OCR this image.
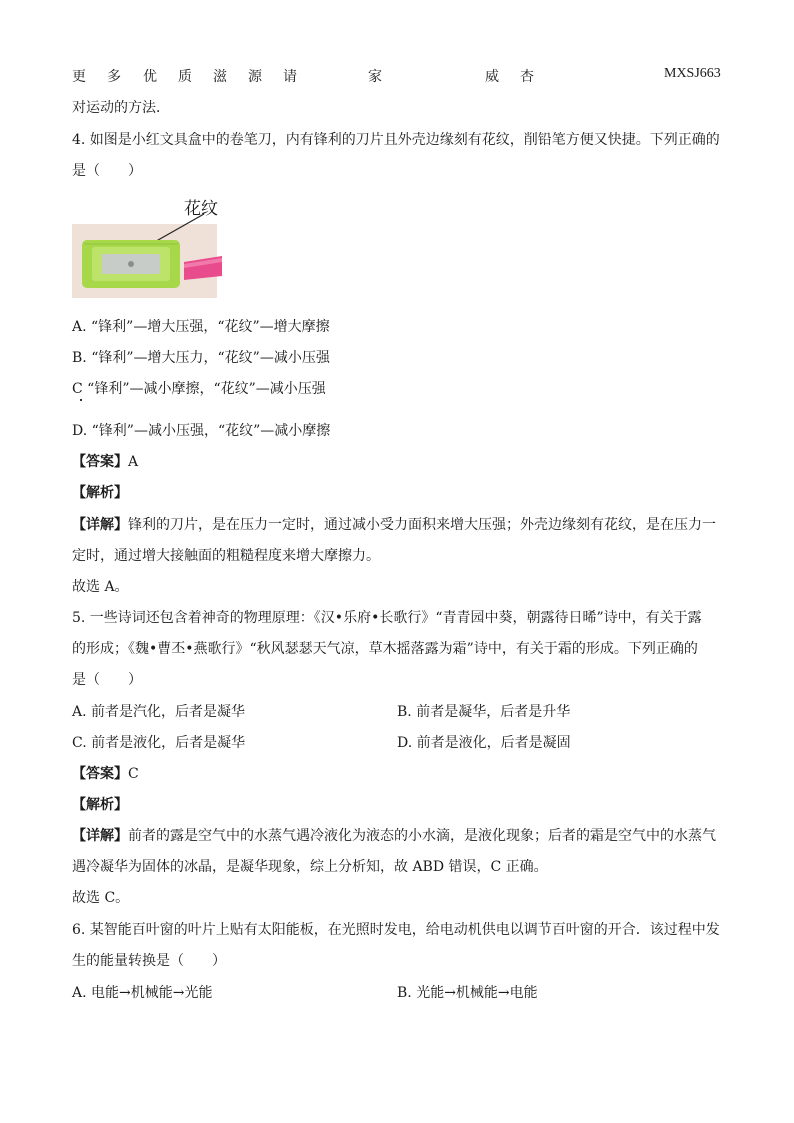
更 多 优 质 滋 源 请	家	威 杏	MXSJ663
对运动的方法．
4. 如图是小红文具盒中的卷笔刀，内有锋利的刀片且外壳边缘刻有花纹，削铅笔方便又快捷。下列正确的
是（　　）
花纹
A. “锋利”—增大压强，“花纹”—增大摩擦
B. “锋利”—增大压力，“花纹”—减小压强
C “锋利”—减小摩擦，“花纹”—减小压强
D. “锋利”—减小压强，“花纹”—减小摩擦
【答案】A
【解析】
【详解】锋利的刀片，是在压力一定时，通过减小受力面积来增大压强；外壳边缘刻有花纹，是在压力一
定时，通过增大接触面的粗糙程度来增大摩擦力。
故选 A。
5. 一些诗词还包含着神奇的物理原理：《汉•乐府•长歌行》“青青园中葵，朝露待日晞”诗中，有关于露
的形成；《魏•曹丕•燕歌行》“秋风瑟瑟天气凉，草木摇落露为霜”诗中，有关于霜的形成。下列正确的
是（　　）
A. 前者是汽化，后者是凝华	B. 前者是凝华，后者是升华
C. 前者是液化，后者是凝华	D. 前者是液化，后者是凝固
【答案】C
【解析】
【详解】前者的露是空气中的水蒸气遇冷液化为液态的小水滴，是液化现象；后者的霜是空气中的水蒸气
遇冷凝华为固体的冰晶，是凝华现象，综上分析知，故 ABD 错误，C 正确。
故选 C。
6. 某智能百叶窗的叶片上贴有太阳能板，在光照时发电，给电动机供电以调节百叶窗的开合．该过程中发
生的能量转换是（　　）
A. 电能→机械能→光能	B. 光能→机械能→电能
